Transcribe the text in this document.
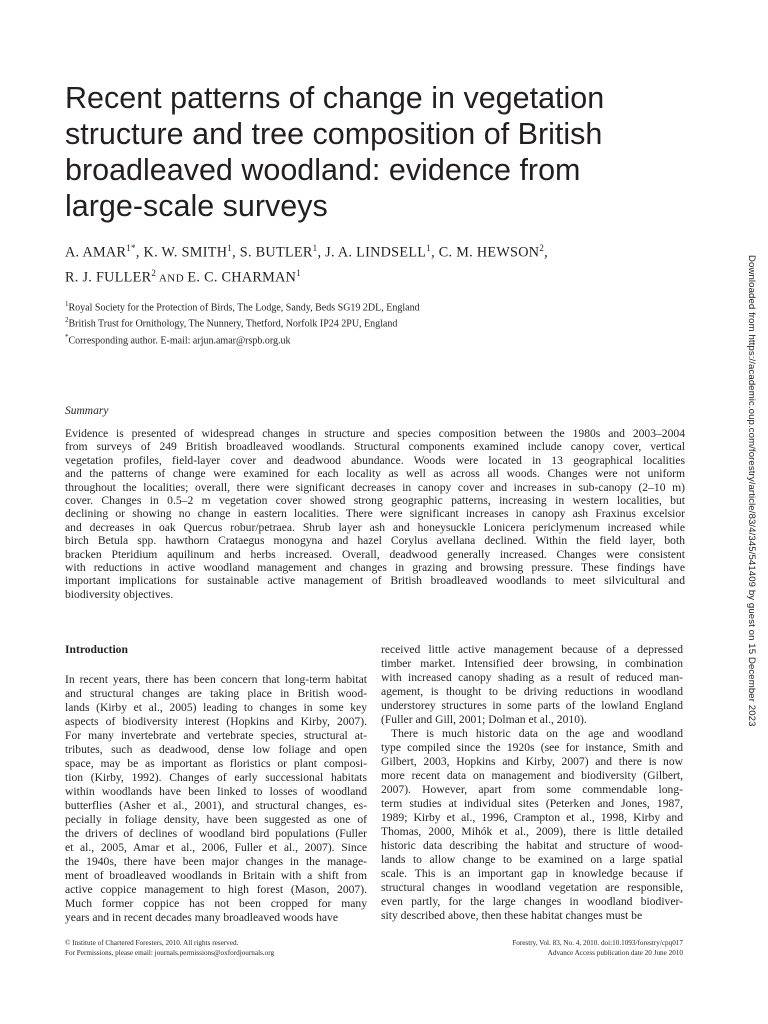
Recent patterns of change in vegetation
structure and tree composition of British
broadleaved woodland: evidence from
large-scale surveys
A. $AMAR^{1*}$, K. W. SMITH$^1$, S. BUTLER$^1$, J. A. LINDSELL$^1$, C. M. HEWSON$^2$,
R. J. FULLER$^2$ AND E. C. CHARMAN$^1$
$^1$Royal Society for the Protection of Birds, The Lodge, Sandy, Beds SG19 2DL, England
$^2$British Trust for Ornithology, The Nunnery, Thetford, Norfolk IP24 2PU, England
*Corresponding author. E-mail: arjun.amar@rspb.org.uk
Summary
Evidence is presented of widespread changes in structure and species composition between the 1980s and 2003–2004
from surveys of 249 British broadleaved woodlands. Structural components examined include canopy cover, vertical
vegetation profiles, field-layer cover and deadwood abundance. Woods were located in 13 geographical localities
and the patterns of change were examined for each locality as well as across all woods. Changes were not uniform
throughout the localities; overall, there were significant decreases in canopy cover and increases in sub-canopy (2–10 m)
cover. Changes in 0.5–2 m vegetation cover showed strong geographic patterns, increasing in western localities, but
declining or showing no change in eastern localities. There were significant increases in canopy ash Fraxinus excelsior
and decreases in oak Quercus robur/petraea. Shrub layer ash and honeysuckle Lonicera periclymenum increased while
birch Betula spp. hawthorn Crataegus monogyna and hazel Corylus avellana declined. Within the field layer, both
bracken Pteridium aquilinum and herbs increased. Overall, deadwood generally increased. Changes were consistent
with reductions in active woodland management and changes in grazing and browsing pressure. These findings have
important implications for sustainable active management of British broadleaved woodlands to meet silvicultural and
biodiversity objectives.
Introduction
In recent years, there has been concern that long-term habitat
and structural changes are taking place in British wood-
lands (Kirby et al., 2005) leading to changes in some key
aspects of biodiversity interest (Hopkins and Kirby, 2007).
For many invertebrate and vertebrate species, structural at-
tributes, such as deadwood, dense low foliage and open
space, may be as important as floristics or plant composi-
tion (Kirby, 1992). Changes of early successional habitats
within woodlands have been linked to losses of woodland
butterflies (Asher et al., 2001), and structural changes, es-
pecially in foliage density, have been suggested as one of
the drivers of declines of woodland bird populations (Fuller
et al., 2005, Amar et al., 2006, Fuller et al., 2007). Since
the 1940s, there have been major changes in the manage-
ment of broadleaved woodlands in Britain with a shift from
active coppice management to high forest (Mason, 2007).
Much former coppice has not been cropped for many
years and in recent decades many broadleaved woods have
received little active management because of a depressed
timber market. Intensified deer browsing, in combination
with increased canopy shading as a result of reduced man-
agement, is thought to be driving reductions in woodland
understorey structures in some parts of the lowland England
(Fuller and Gill, 2001; Dolman et al., 2010).
There is much historic data on the age and woodland
type compiled since the 1920s (see for instance, Smith and
Gilbert, 2003, Hopkins and Kirby, 2007) and there is now
more recent data on management and biodiversity (Gilbert,
2007). However, apart from some commendable long-
term studies at individual sites (Peterken and Jones, 1987,
1989; Kirby et al., 1996, Crampton et al., 1998, Kirby and
Thomas, 2000, Mihók et al., 2009), there is little detailed
historic data describing the habitat and structure of wood-
lands to allow change to be examined on a large spatial
scale. This is an important gap in knowledge because if
structural changes in woodland vegetation are responsible,
even partly, for the large changes in woodland biodiver-
sity described above, then these habitat changes must be
© Institute of Chartered Foresters, 2010. All rights reserved.
For Permissions, please email: journals.permissions@oxfordjournals.org
Forestry, Vol. 83, No. 4, 2010. doi:10.1093/forestry/cpq017
Advance Access publication date 20 June 2010
Downloaded from https://academic.oup.com/forestry/article/83/4/345/541409 by guest on 15 December 2023
